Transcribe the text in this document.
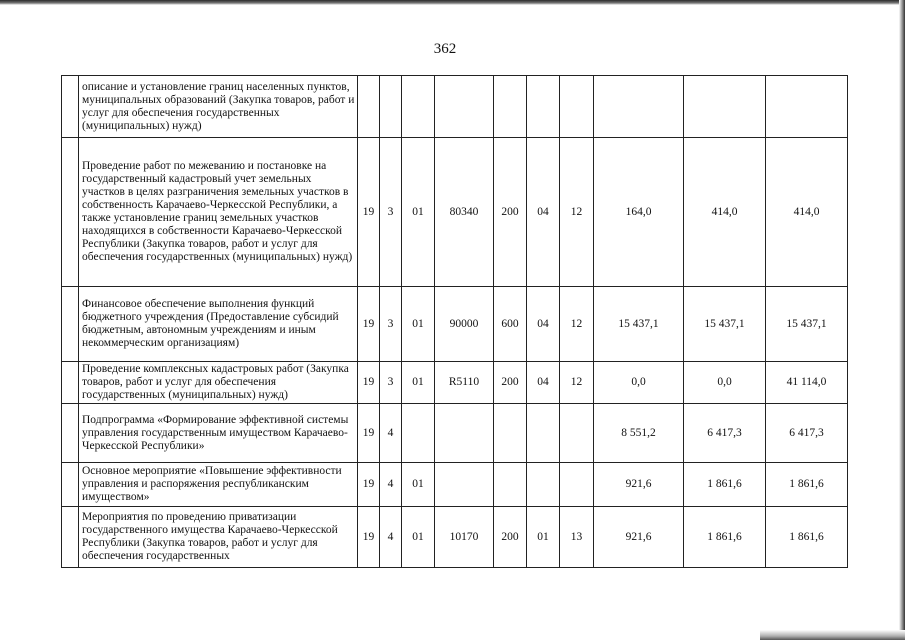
362
	описание и установление границ населенных пунктов, муниципальных образований (Закупка товаров, работ и услуг для обеспечения государственных (муниципальных) нужд)										
	Проведение работ по межеванию и постановке на государственный кадастровый учет земельных участков в целях разграничения земельных участков в собственность Карачаево-Черкесской Республики, а также установление границ земельных участков находящихся в собственности Карачаево-Черкесской Республики (Закупка товаров, работ и услуг для обеспечения государственных (муниципальных) нужд)	19	3	01	80340	200	04	12	164,0	414,0	414,0
	Финансовое обеспечение выполнения функций бюджетного учреждения (Предоставление субсидий бюджетным, автономным учреждениям и иным некоммерческим организациям)	19	3	01	90000	600	04	12	15 437,1	15 437,1	15 437,1
	Проведение комплексных кадастровых работ (Закупка товаров, работ и услуг для обеспечения государственных (муниципальных) нужд)	19	3	01	R5110	200	04	12	0,0	0,0	41 114,0
	Подпрограмма «Формирование эффективной системы управления государственным имуществом Карачаево-Черкесской Республики»	19	4						8 551,2	6 417,3	6 417,3
	Основное мероприятие «Повышение эффективности управления и распоряжения республиканским имуществом»	19	4	01					921,6	1 861,6	1 861,6
	Мероприятия по проведению приватизации государственного имущества Карачаево-Черкесской Республики (Закупка товаров, работ и услуг для обеспечения государственных	19	4	01	10170	200	01	13	921,6	1 861,6	1 861,6
